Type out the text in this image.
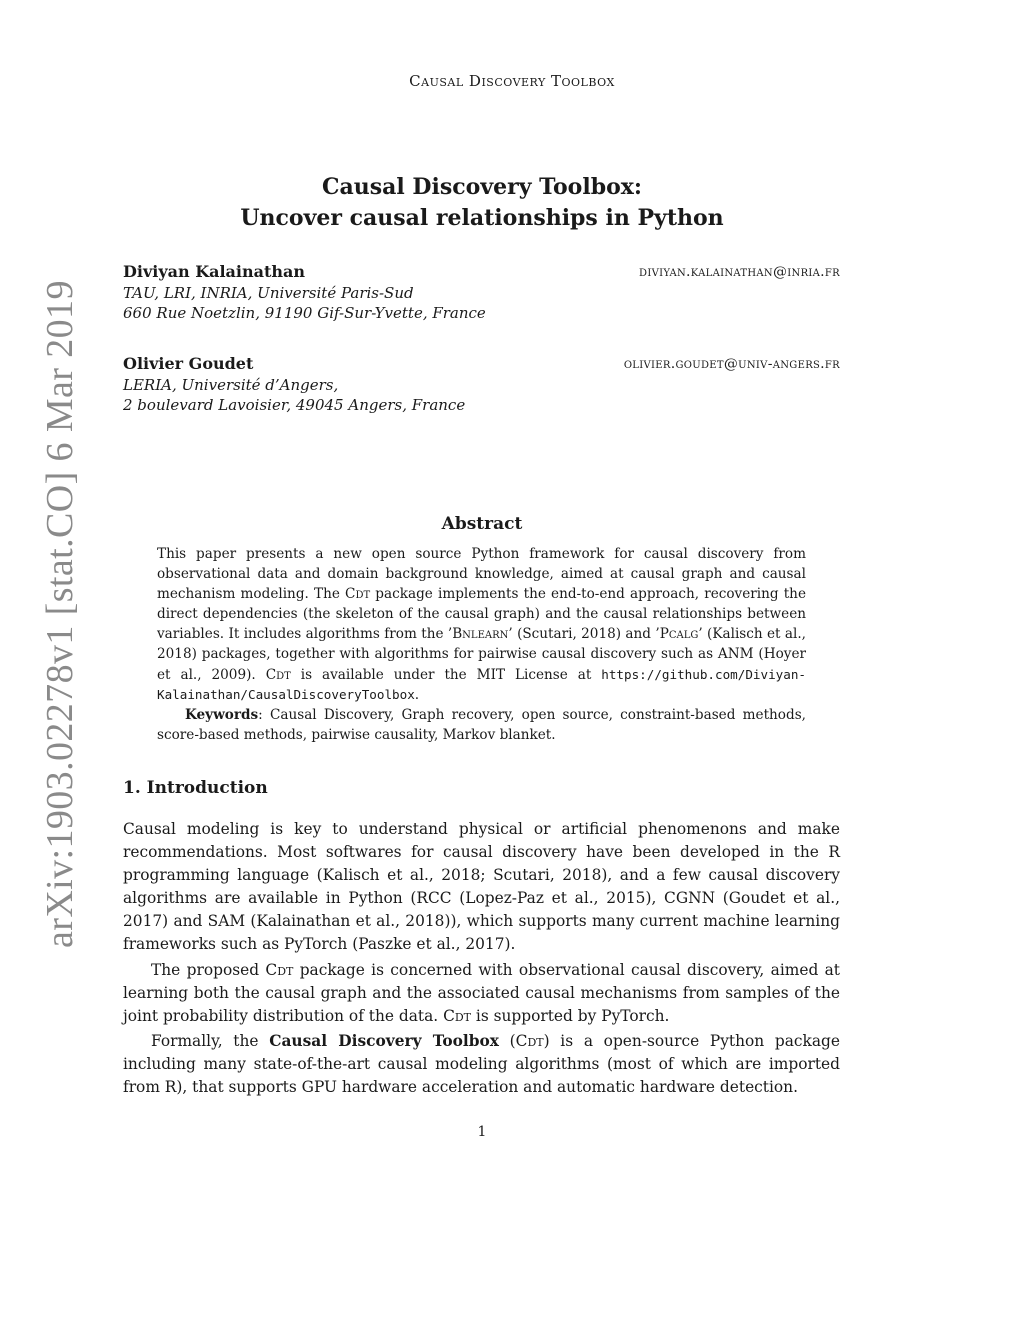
Causal Discovery Toolbox
Causal Discovery Toolbox:
Uncover causal relationships in Python
Diviyan Kalainathan	diviyan.kalainathan@inria.fr
TAU, LRI, INRIA, Université Paris-Sud
660 Rue Noetzlin, 91190 Gif-Sur-Yvette, France
Olivier Goudet	olivier.goudet@univ-angers.fr
LERIA, Université d’Angers,
2 boulevard Lavoisier, 49045 Angers, France
arXiv:1903.02278v1 [stat.CO] 6 Mar 2019	Abstract

This paper presents a new open source Python framework for causal discovery from observational data and domain background knowledge, aimed at causal graph and causal mechanism modeling. The Cdt package implements the end-to-end approach, recovering the direct dependencies (the skeleton of the causal graph) and the causal relationships between variables. It includes algorithms from the ’Bnlearn’ (Scutari, 2018) and ’Pcalg’ (Kalisch et al., 2018) packages, together with algorithms for pairwise causal discovery such as ANM (Hoyer et al., 2009). Cdt is available under the MIT License at https://github.com/Diviyan-Kalainathan/CausalDiscoveryToolbox.

Keywords: Causal Discovery, Graph recovery, open source, constraint-based methods, score-based methods, pairwise causality, Markov blanket.

1. Introduction

Causal modeling is key to understand physical or artificial phenomenons and make recommendations. Most softwares for causal discovery have been developed in the R programming language (Kalisch et al., 2018; Scutari, 2018), and a few causal discovery algorithms are available in Python (RCC (Lopez-Paz et al., 2015), CGNN (Goudet et al., 2017) and SAM (Kalainathan et al., 2018)), which supports many current machine learning frameworks such as PyTorch (Paszke et al., 2017).

The proposed Cdt package is concerned with observational causal discovery, aimed at learning both the causal graph and the associated causal mechanisms from samples of the joint probability distribution of the data. Cdt is supported by PyTorch.

Formally, the Causal Discovery Toolbox (Cdt) is a open-source Python package including many state-of-the-art causal modeling algorithms (most of which are imported from R), that supports GPU hardware acceleration and automatic hardware detection.

1
